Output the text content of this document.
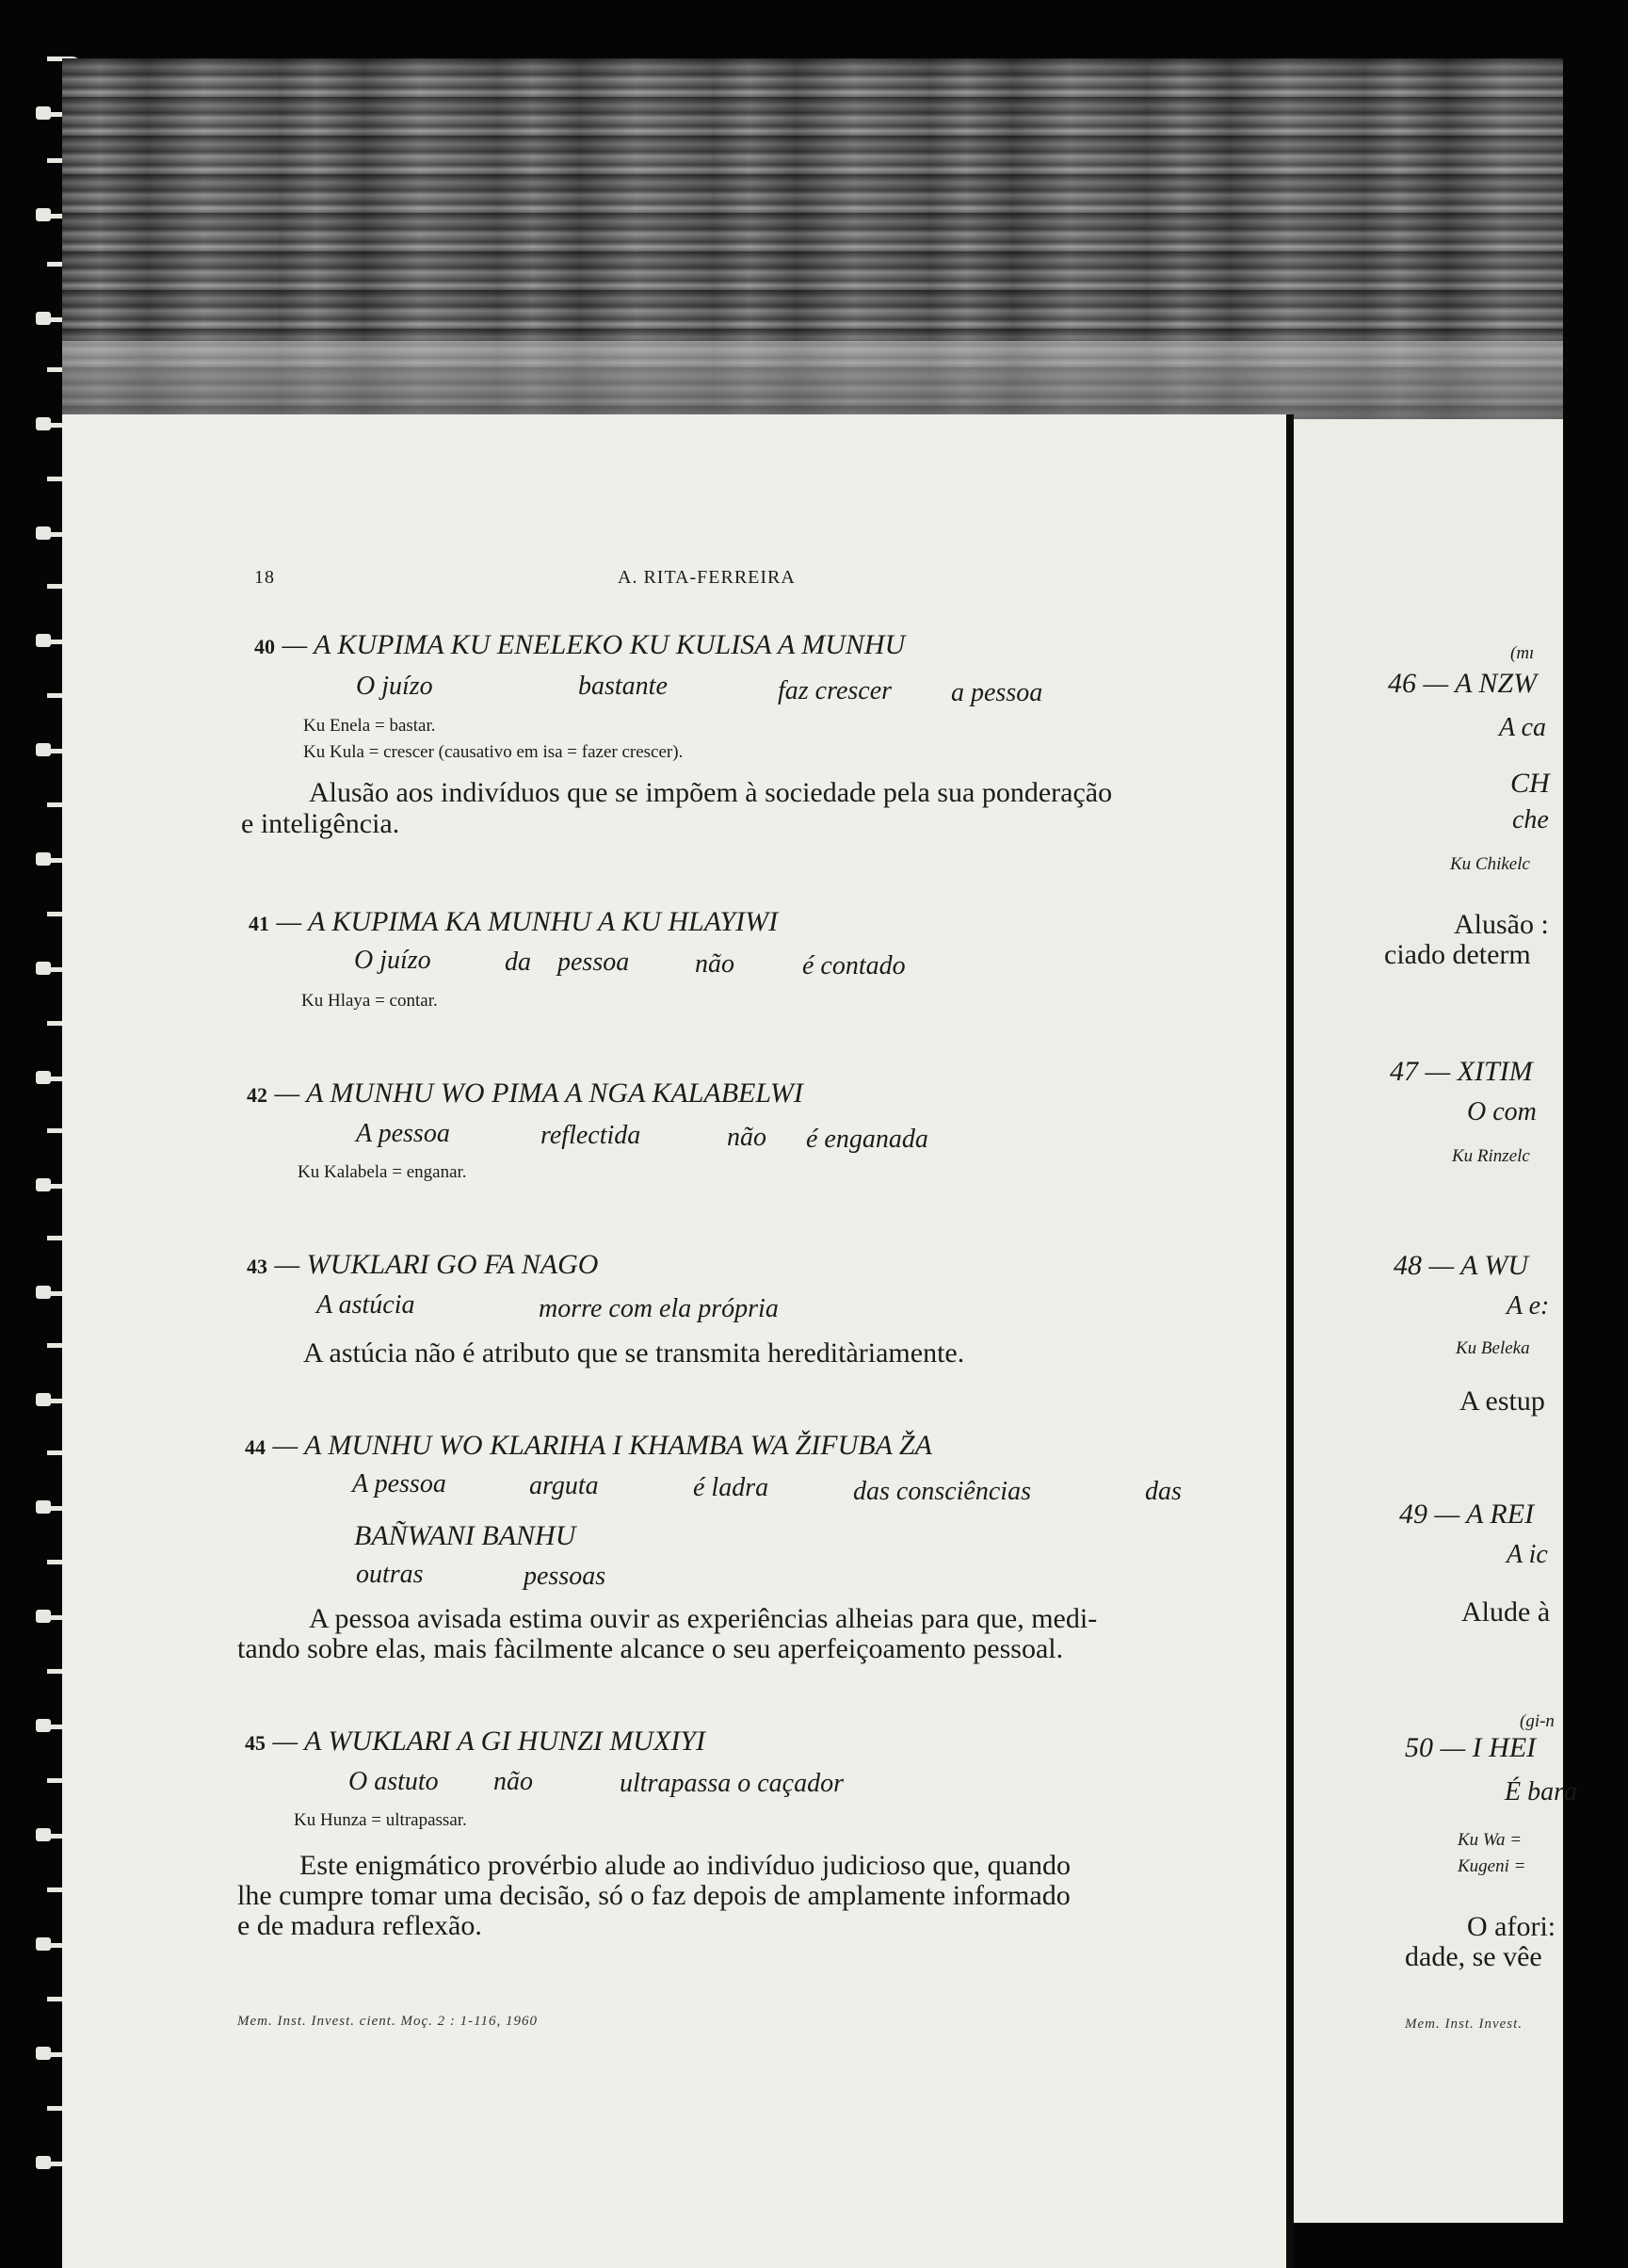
18	A. RITA-FERREIRA
40 — A KUPIMA KU ENELEKO KU KULISA A MUNHU
O juízo	bastante	faz crescer a pessoa
Ku Enela = bastar.
Ku Kula = crescer (causativo em isa = fazer crescer).
Alusão aos indivíduos que se impõem à sociedade pela sua ponderação
e inteligência.
41 — A KUPIMA KA MUNHU A KU HLAYIWI
O juízo	da pessoa não	é contado
Ku Hlaya = contar.
42 — A MUNHU WO PIMA A NGA KALABELWI
A pessoa	reflectida	não é enganada
Ku Kalabela = enganar.
43 — WUKLARI GO FA NAGO
A astúcia	morre com ela própria
A astúcia não é atributo que se transmita hereditàriamente.
44 — A MUNHU WO KLARIHA I KHAMBA WA ŽIFUBA ŽA
A pessoa	arguta	é ladra	das consciências	das
BAÑWANI BANHU
outras	pessoas
A pessoa avisada estima ouvir as experiências alheias para que, medi-
tando sobre elas, mais fàcilmente alcance o seu aperfeiçoamento pessoal.
45 — A WUKLARI A GI HUNZI MUXIYI
O astuto não	ultrapassa o caçador
Ku Hunza = ultrapassar.
Este enigmático provérbio alude ao indivíduo judicioso que, quando
lhe cumpre tomar uma decisão, só o faz depois de amplamente informado
e de madura reflexão.
Mem. Inst. Invest. cient. Moç. 2 : 1-116, 1960
(mı
46 — A NZW
A ca
CH
che
Ku Chikelc
Alusão :
ciado determ
47 — XITIM
O com
Ku Rinzelc
48 — A WU
A e:
Ku Beleka
A estup
49 — A REI
A ic
Alude à
(gi-n
50 — I HEI
É bara
Ku Wa =
Kugeni =
O afori:
dade, se vêe
Mem. Inst. Invest.
